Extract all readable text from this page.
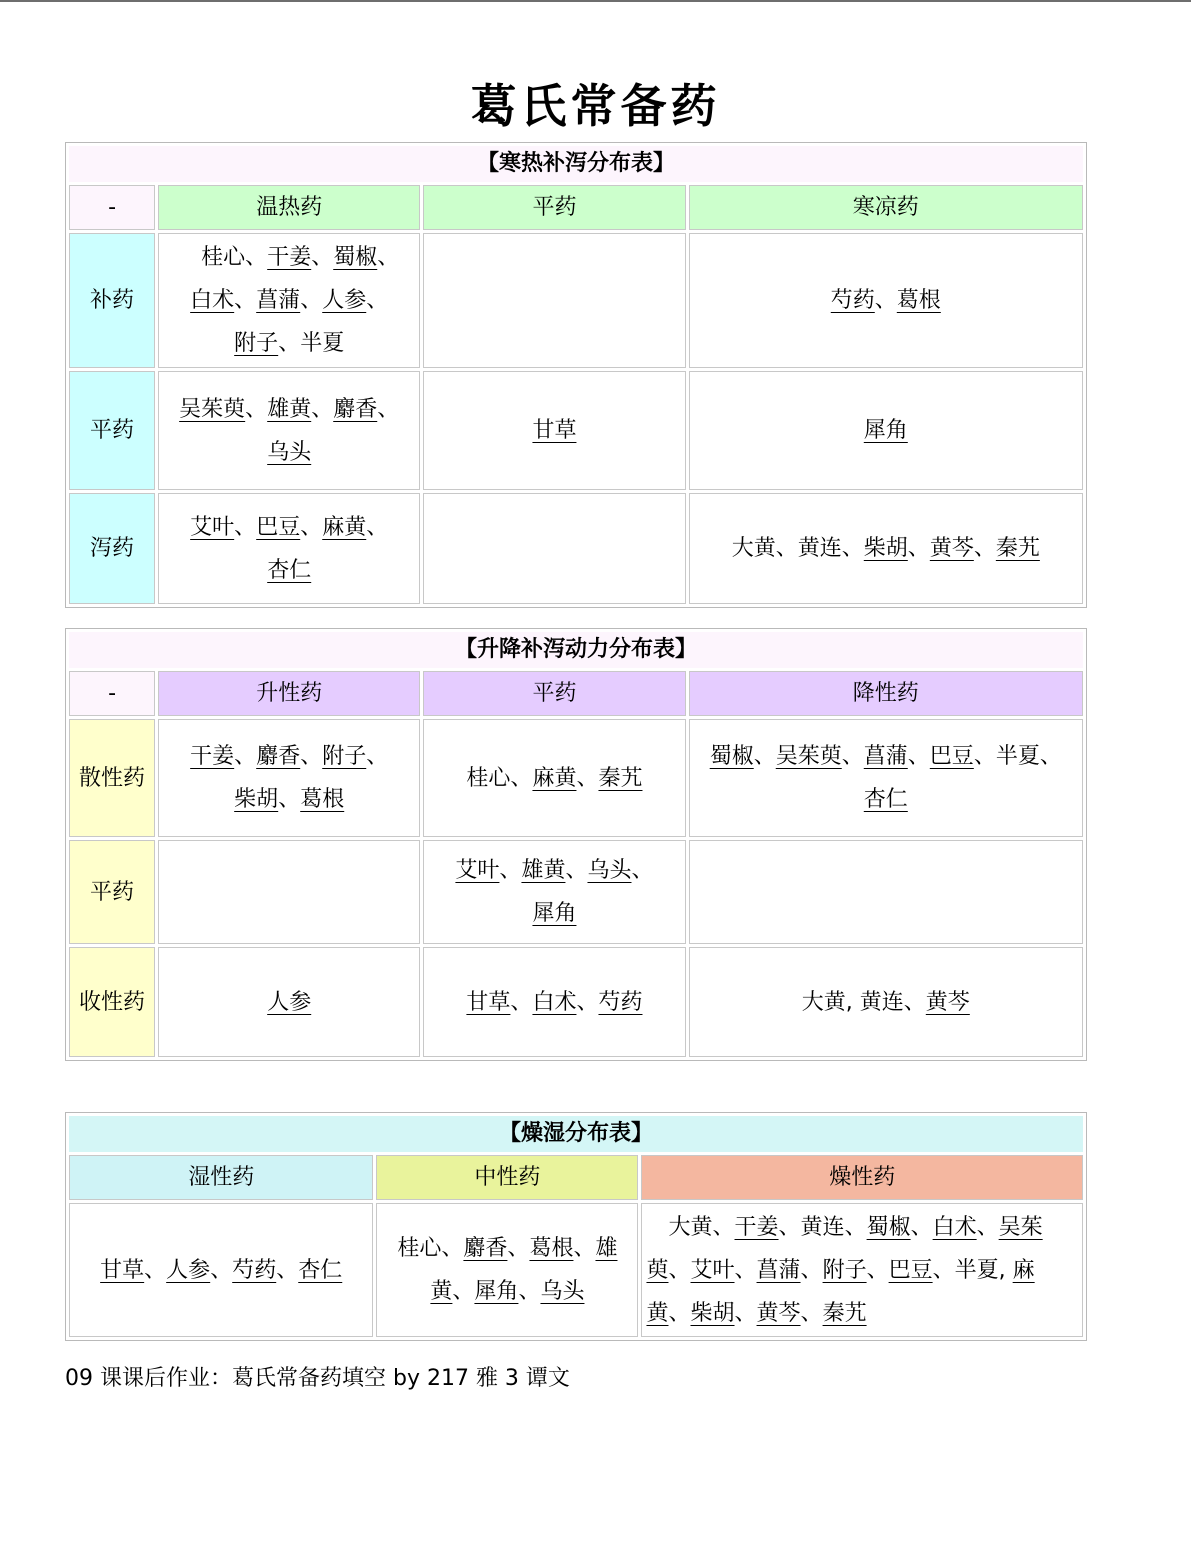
葛氏常备药
【寒热补泻分布表】			
-	温热药	平药	寒凉药
补药	　桂心、干姜、蜀椒、
白术、菖蒲、人参、
附子、半夏		芍药、葛根
平药	吴茱萸、雄黄、麝香、
乌头	甘草	犀角
泻药	艾叶、巴豆、麻黄、
杏仁		大黄、黄连、柴胡、黄芩、秦艽
【升降补泻动力分布表】			
-	升性药	平药	降性药
散性药	干姜、麝香、附子、
柴胡、葛根	桂心、麻黄、秦艽	蜀椒、吴茱萸、菖蒲、巴豆、半夏、
杏仁
平药		艾叶、雄黄、乌头、
犀角	
收性药	人参	甘草、白术、芍药	大黄, 黄连、黄芩
【燥湿分布表】		
湿性药	中性药	燥性药
甘草、人参、芍药、杏仁	桂心、麝香、葛根、雄黄、犀角、乌头	　大黄、干姜、黄连、蜀椒、白术、吴茱萸、艾叶、菖蒲、附子、巴豆、半夏, 麻黄、柴胡、黄芩、秦艽
09 课课后作业：葛氏常备药填空 by 217 雅 3 谭文
